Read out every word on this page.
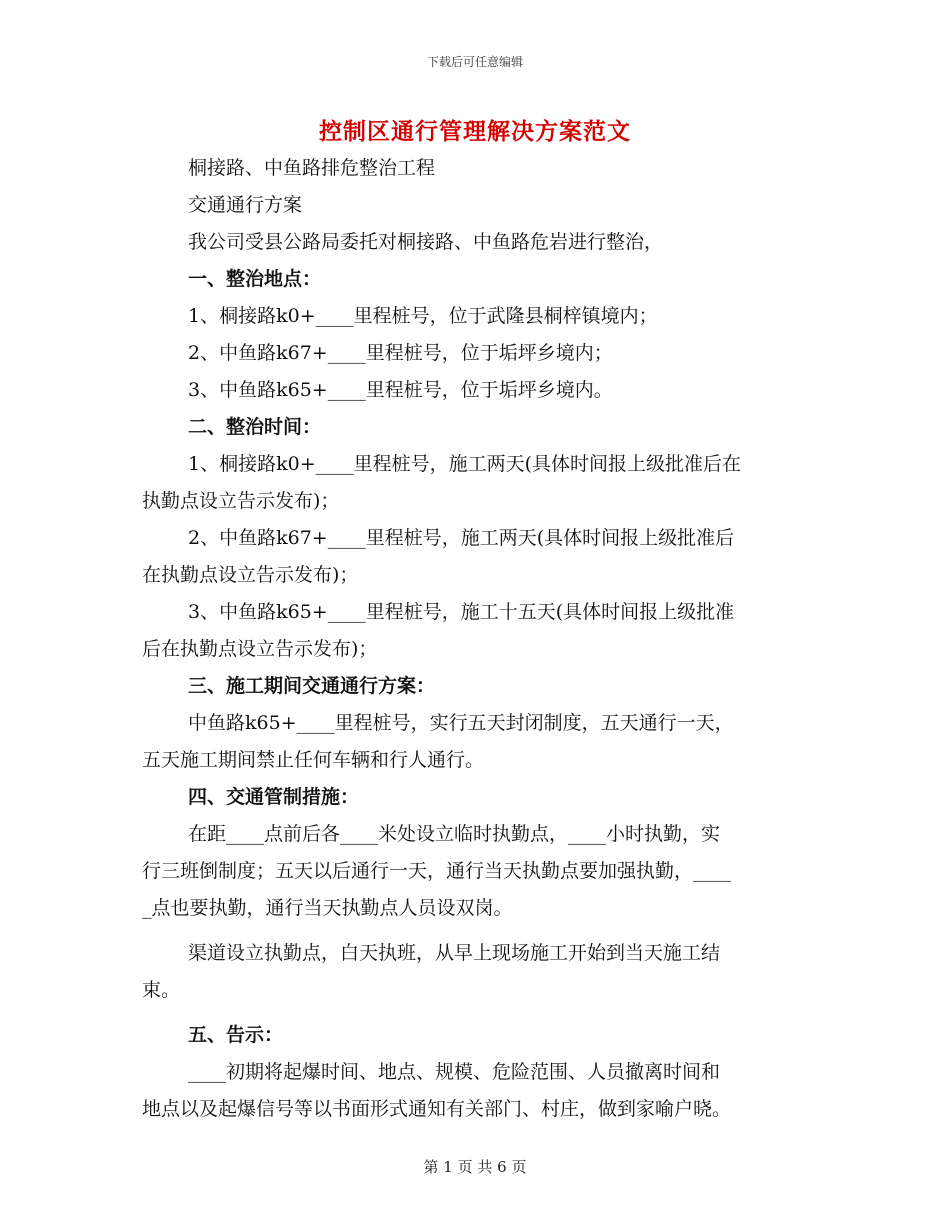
下载后可任意编辑
控制区通行管理解决方案范文

桐接路、中鱼路排危整治工程

交通通行方案

我公司受县公路局委托对桐接路、中鱼路危岩进行整治，

一、整治地点：

1、桐接路k0+____里程桩号，位于武隆县桐梓镇境内；

2、中鱼路k67+____里程桩号，位于垢坪乡境内；

3、中鱼路k65+____里程桩号，位于垢坪乡境内。

二、整治时间：

1、桐接路k0+____里程桩号，施工两天(具体时间报上级批准后在

执勤点设立告示发布)；

2、中鱼路k67+____里程桩号，施工两天(具体时间报上级批准后

在执勤点设立告示发布)；

3、中鱼路k65+____里程桩号，施工十五天(具体时间报上级批准

后在执勤点设立告示发布)；

三、施工期间交通通行方案：

中鱼路k65+____里程桩号，实行五天封闭制度，五天通行一天，

五天施工期间禁止任何车辆和行人通行。

四、交通管制措施：

在距____点前后各____米处设立临时执勤点，____小时执勤，实

行三班倒制度；五天以后通行一天，通行当天执勤点要加强执勤，____

_点也要执勤，通行当天执勤点人员设双岗。

渠道设立执勤点，白天执班，从早上现场施工开始到当天施工结

束。

五、告示：

____初期将起爆时间、地点、规模、危险范围、人员撤离时间和

地点以及起爆信号等以书面形式通知有关部门、村庄，做到家喻户晓。

第 1 页 共 6 页
